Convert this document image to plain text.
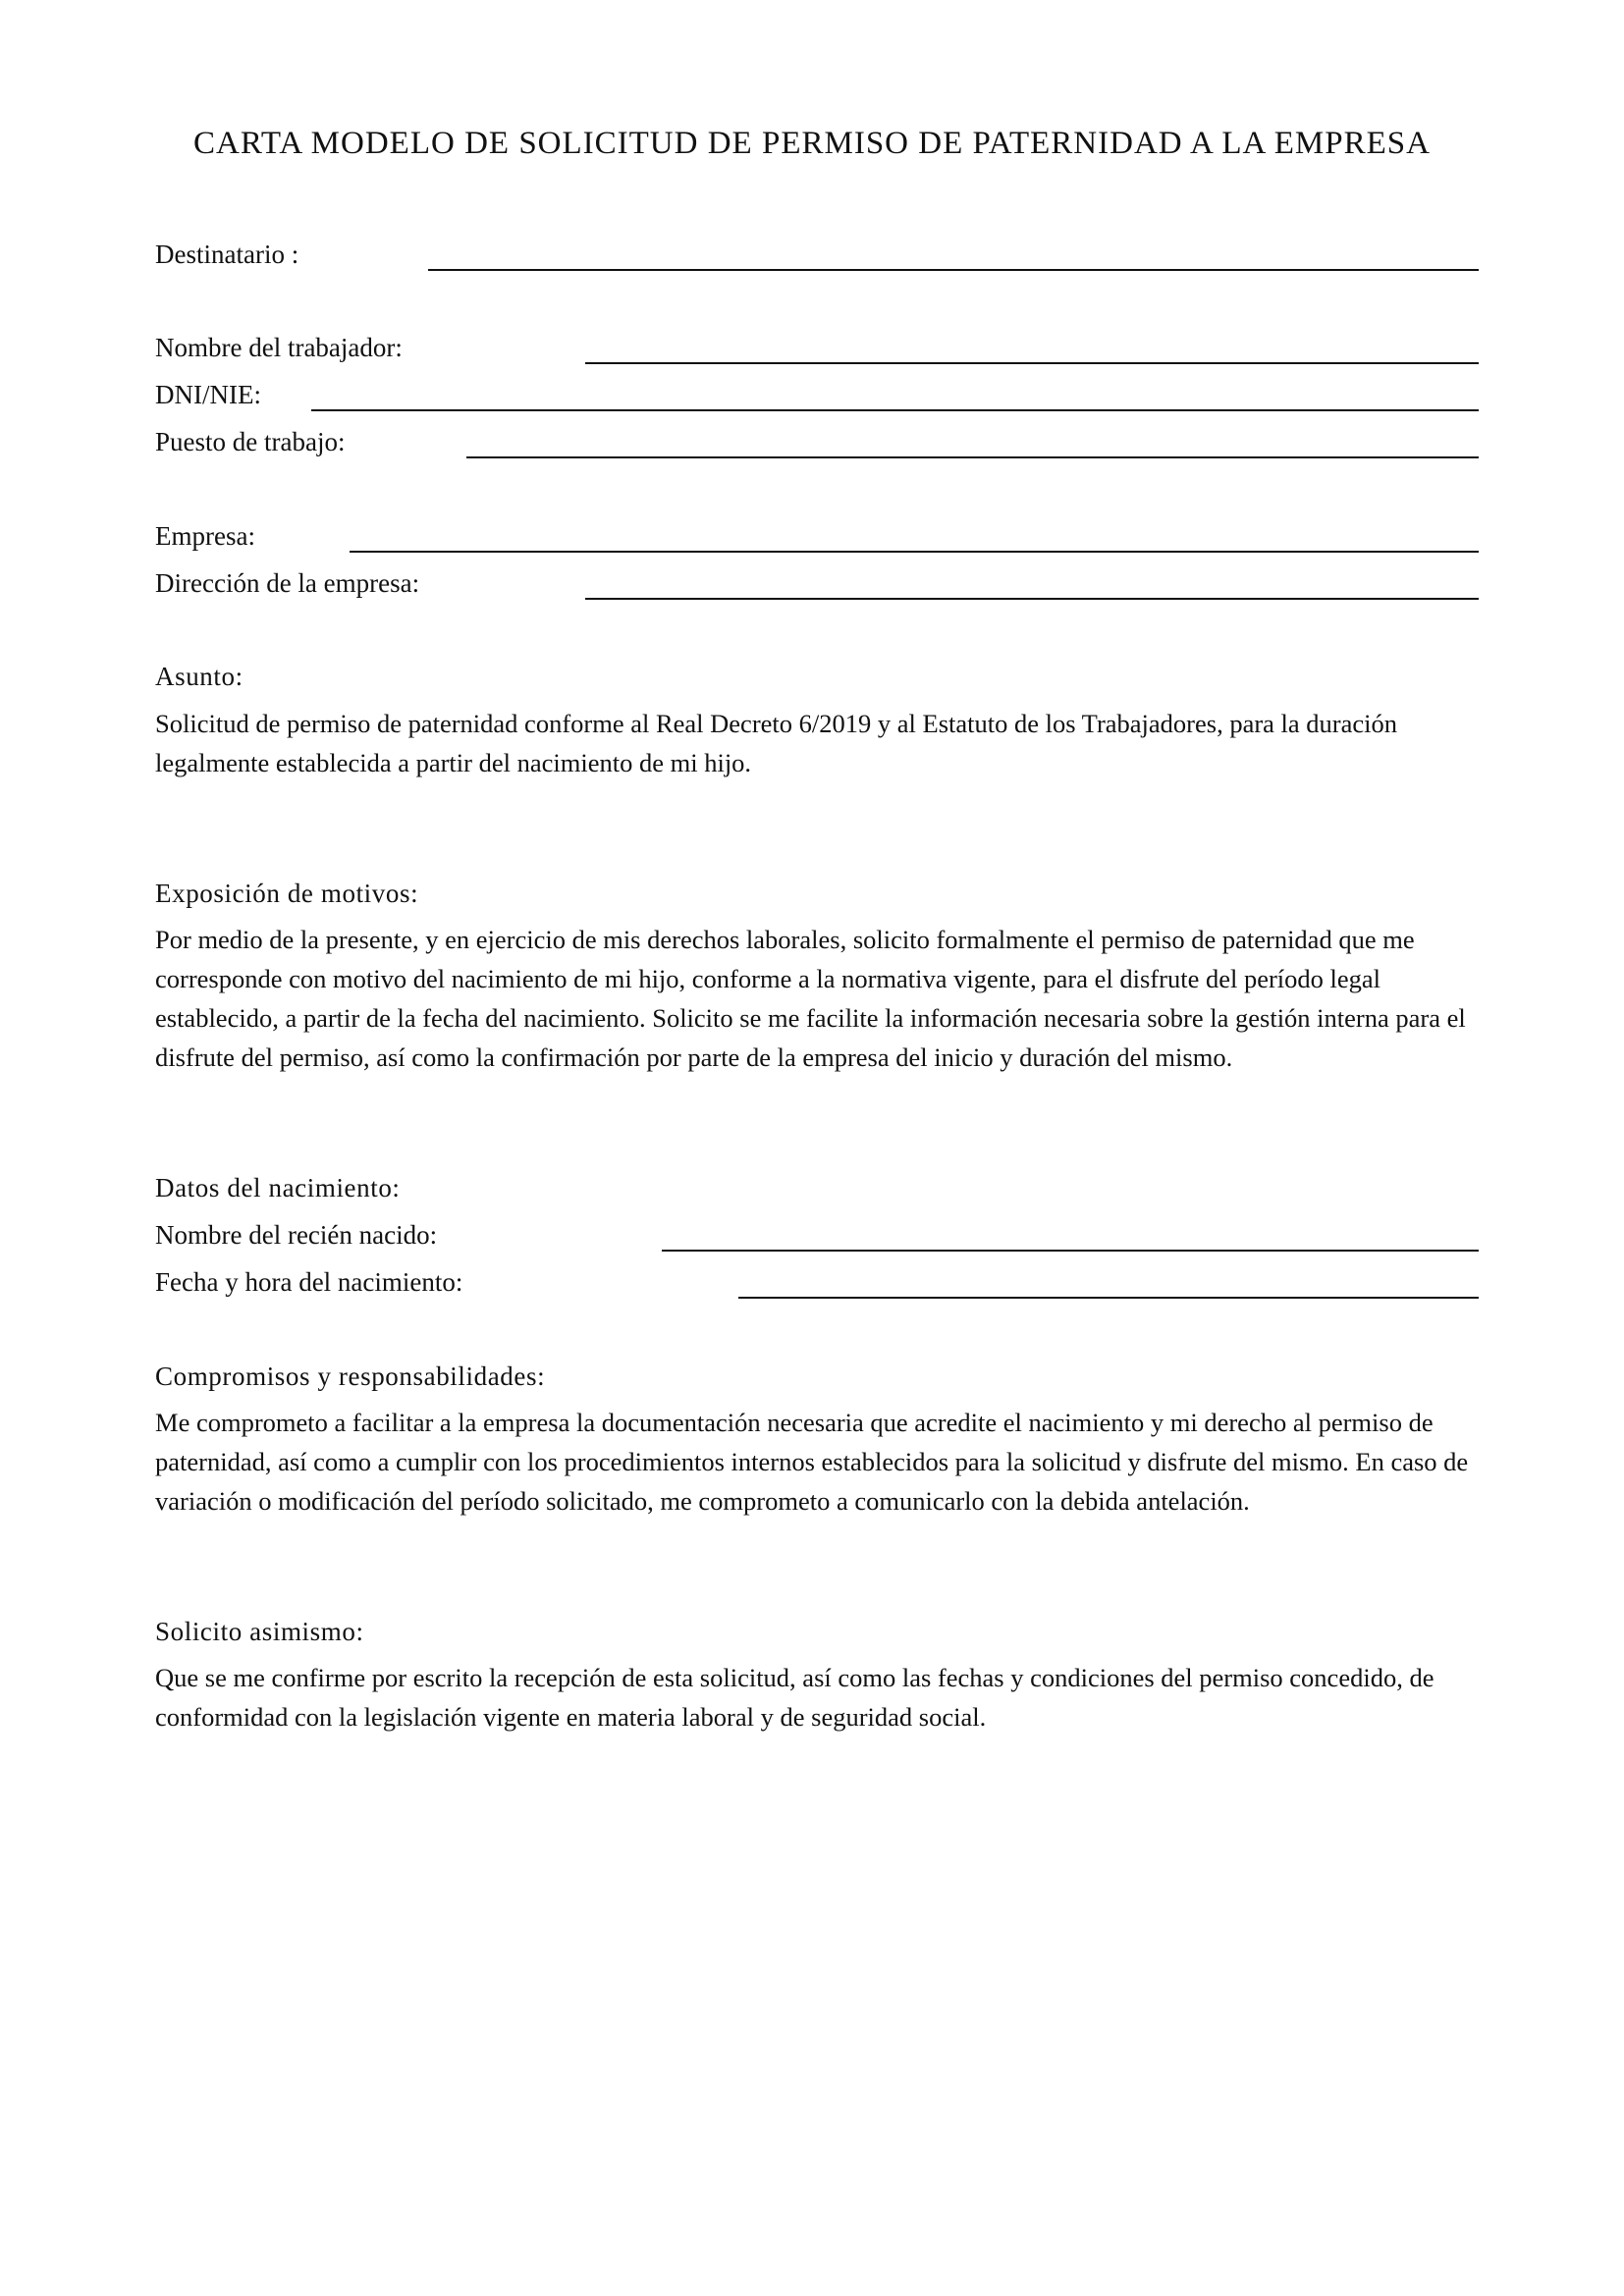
CARTA MODELO DE SOLICITUD DE PERMISO DE PATERNIDAD A LA EMPRESA
Destinatario :
Nombre del trabajador:
DNI/NIE:
Puesto de trabajo:
Empresa:
Dirección de la empresa:
Asunto:

Solicitud de permiso de paternidad conforme al Real Decreto 6/2019 y al Estatuto de los Trabajadores, para la duración legalmente establecida a partir del nacimiento de mi hijo.

Exposición de motivos:

Por medio de la presente, y en ejercicio de mis derechos laborales, solicito formalmente el permiso de paternidad que me corresponde con motivo del nacimiento de mi hijo, conforme a la normativa vigente, para el disfrute del período legal establecido, a partir de la fecha del nacimiento. Solicito se me facilite la información necesaria sobre la gestión interna para el disfrute del permiso, así como la confirmación por parte de la empresa del inicio y duración del mismo.

Datos del nacimiento:
Nombre del recién nacido:
Fecha y hora del nacimiento:
Compromisos y responsabilidades:

Me comprometo a facilitar a la empresa la documentación necesaria que acredite el nacimiento y mi derecho al permiso de paternidad, así como a cumplir con los procedimientos internos establecidos para la solicitud y disfrute del mismo. En caso de variación o modificación del período solicitado, me comprometo a comunicarlo con la debida antelación.

Solicito asimismo:

Que se me confirme por escrito la recepción de esta solicitud, así como las fechas y condiciones del permiso concedido, de conformidad con la legislación vigente en materia laboral y de seguridad social.
